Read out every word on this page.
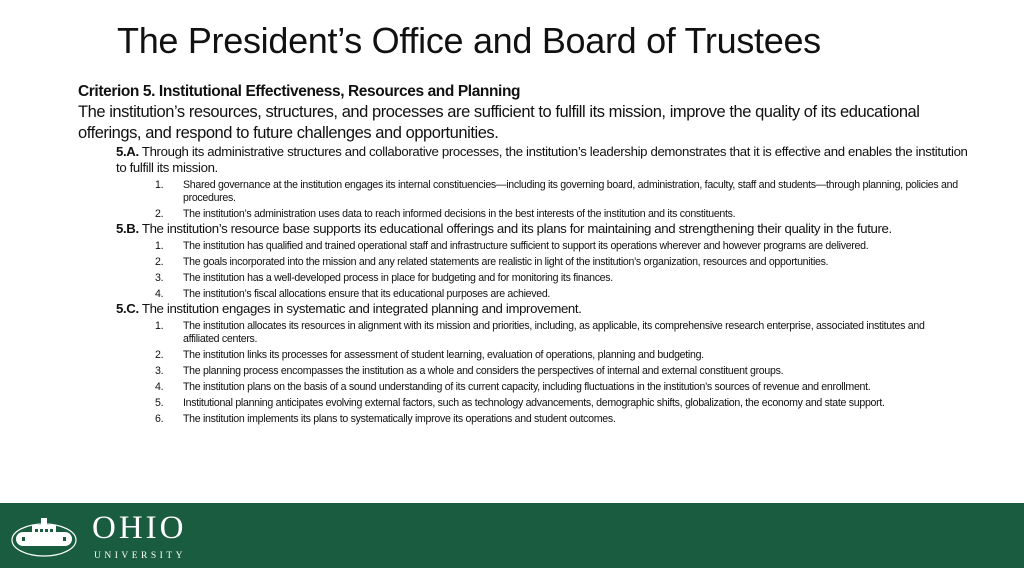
The President’s Office and Board of Trustees
Criterion 5. Institutional Effectiveness, Resources and Planning
The institution’s resources, structures, and processes are sufficient to fulfill its mission, improve the quality of its educational offerings, and respond to future challenges and opportunities.
5.A. Through its administrative structures and collaborative processes, the institution’s leadership demonstrates that it is effective and enables the institution to fulfill its mission.
1.	Shared governance at the institution engages its internal constituencies—including its governing board, administration, faculty, staff and students—through planning, policies and procedures.
2.	The institution’s administration uses data to reach informed decisions in the best interests of the institution and its constituents.
5.B. The institution’s resource base supports its educational offerings and its plans for maintaining and strengthening their quality in the future.
1.	The institution has qualified and trained operational staff and infrastructure sufficient to support its operations wherever and however programs are delivered.
2.	The goals incorporated into the mission and any related statements are realistic in light of the institution’s organization, resources and opportunities.
3.	The institution has a well-developed process in place for budgeting and for monitoring its finances.
4.	The institution’s fiscal allocations ensure that its educational purposes are achieved.
5.C. The institution engages in systematic and integrated planning and improvement.
1.	The institution allocates its resources in alignment with its mission and priorities, including, as applicable, its comprehensive research enterprise, associated institutes and affiliated centers.
2.	The institution links its processes for assessment of student learning, evaluation of operations, planning and budgeting.
3.	The planning process encompasses the institution as a whole and considers the perspectives of internal and external constituent groups.
4.	The institution plans on the basis of a sound understanding of its current capacity, including fluctuations in the institution’s sources of revenue and enrollment.
5.	Institutional planning anticipates evolving external factors, such as technology advancements, demographic shifts, globalization, the economy and state support.
6.	The institution implements its plans to systematically improve its operations and student outcomes.
1804
OHIO
UNIVERSITY
